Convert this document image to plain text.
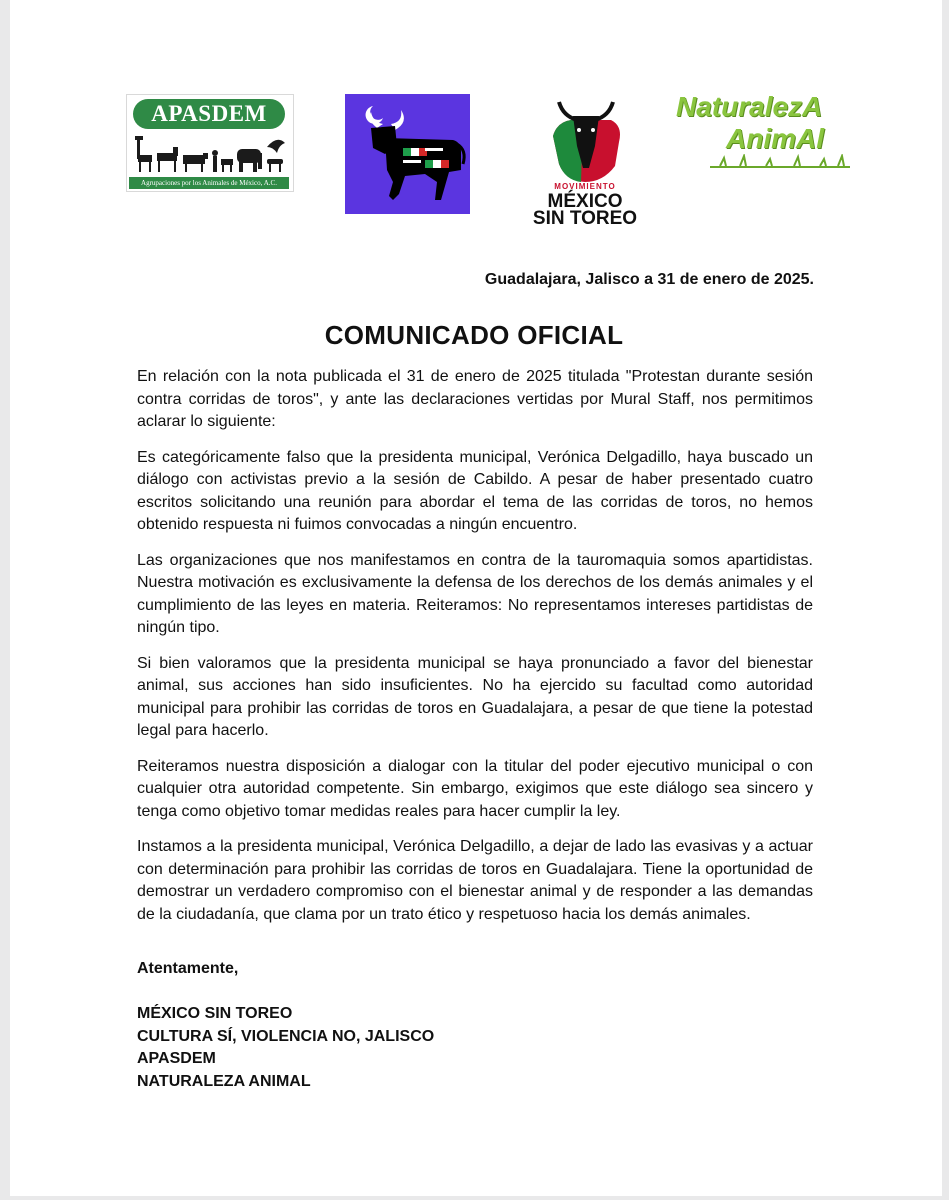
APASDEM
Agrupaciones por los Animales de México, A.C.	MOVIMIENTO
MÉXICO
SIN TOREO
NaturalezA
AnimAl
Guadalajara, Jalisco a 31 de enero de 2025.
COMUNICADO OFICIAL

En relación con la nota publicada el 31 de enero de 2025 titulada "Protestan durante sesión contra corridas de toros", y ante las declaraciones vertidas por Mural Staff, nos permitimos aclarar lo siguiente:

Es categóricamente falso que la presidenta municipal, Verónica Delgadillo, haya buscado un diálogo con activistas previo a la sesión de Cabildo. A pesar de haber presentado cuatro escritos solicitando una reunión para abordar el tema de las corridas de toros, no hemos obtenido respuesta ni fuimos convocadas a ningún encuentro.

Las organizaciones que nos manifestamos en contra de la tauromaquia somos apartidistas. Nuestra motivación es exclusivamente la defensa de los derechos de los demás animales y el cumplimiento de las leyes en materia. Reiteramos: No representamos intereses partidistas de ningún tipo.

Si bien valoramos que la presidenta municipal se haya pronunciado a favor del bienestar animal, sus acciones han sido insuficientes. No ha ejercido su facultad como autoridad municipal para prohibir las corridas de toros en Guadalajara, a pesar de que tiene la potestad legal para hacerlo.

Reiteramos nuestra disposición a dialogar con la titular del poder ejecutivo municipal o con cualquier otra autoridad competente. Sin embargo, exigimos que este diálogo sea sincero y tenga como objetivo tomar medidas reales para hacer cumplir la ley.

Instamos a la presidenta municipal, Verónica Delgadillo, a dejar de lado las evasivas y a actuar con determinación para prohibir las corridas de toros en Guadalajara. Tiene la oportunidad de demostrar un verdadero compromiso con el bienestar animal y de responder a las demandas de la ciudadanía, que clama por un trato ético y respetuoso hacia los demás animales.

Atentamente,
MÉXICO SIN TOREO
CULTURA SÍ, VIOLENCIA NO, JALISCO
APASDEM
NATURALEZA ANIMAL
